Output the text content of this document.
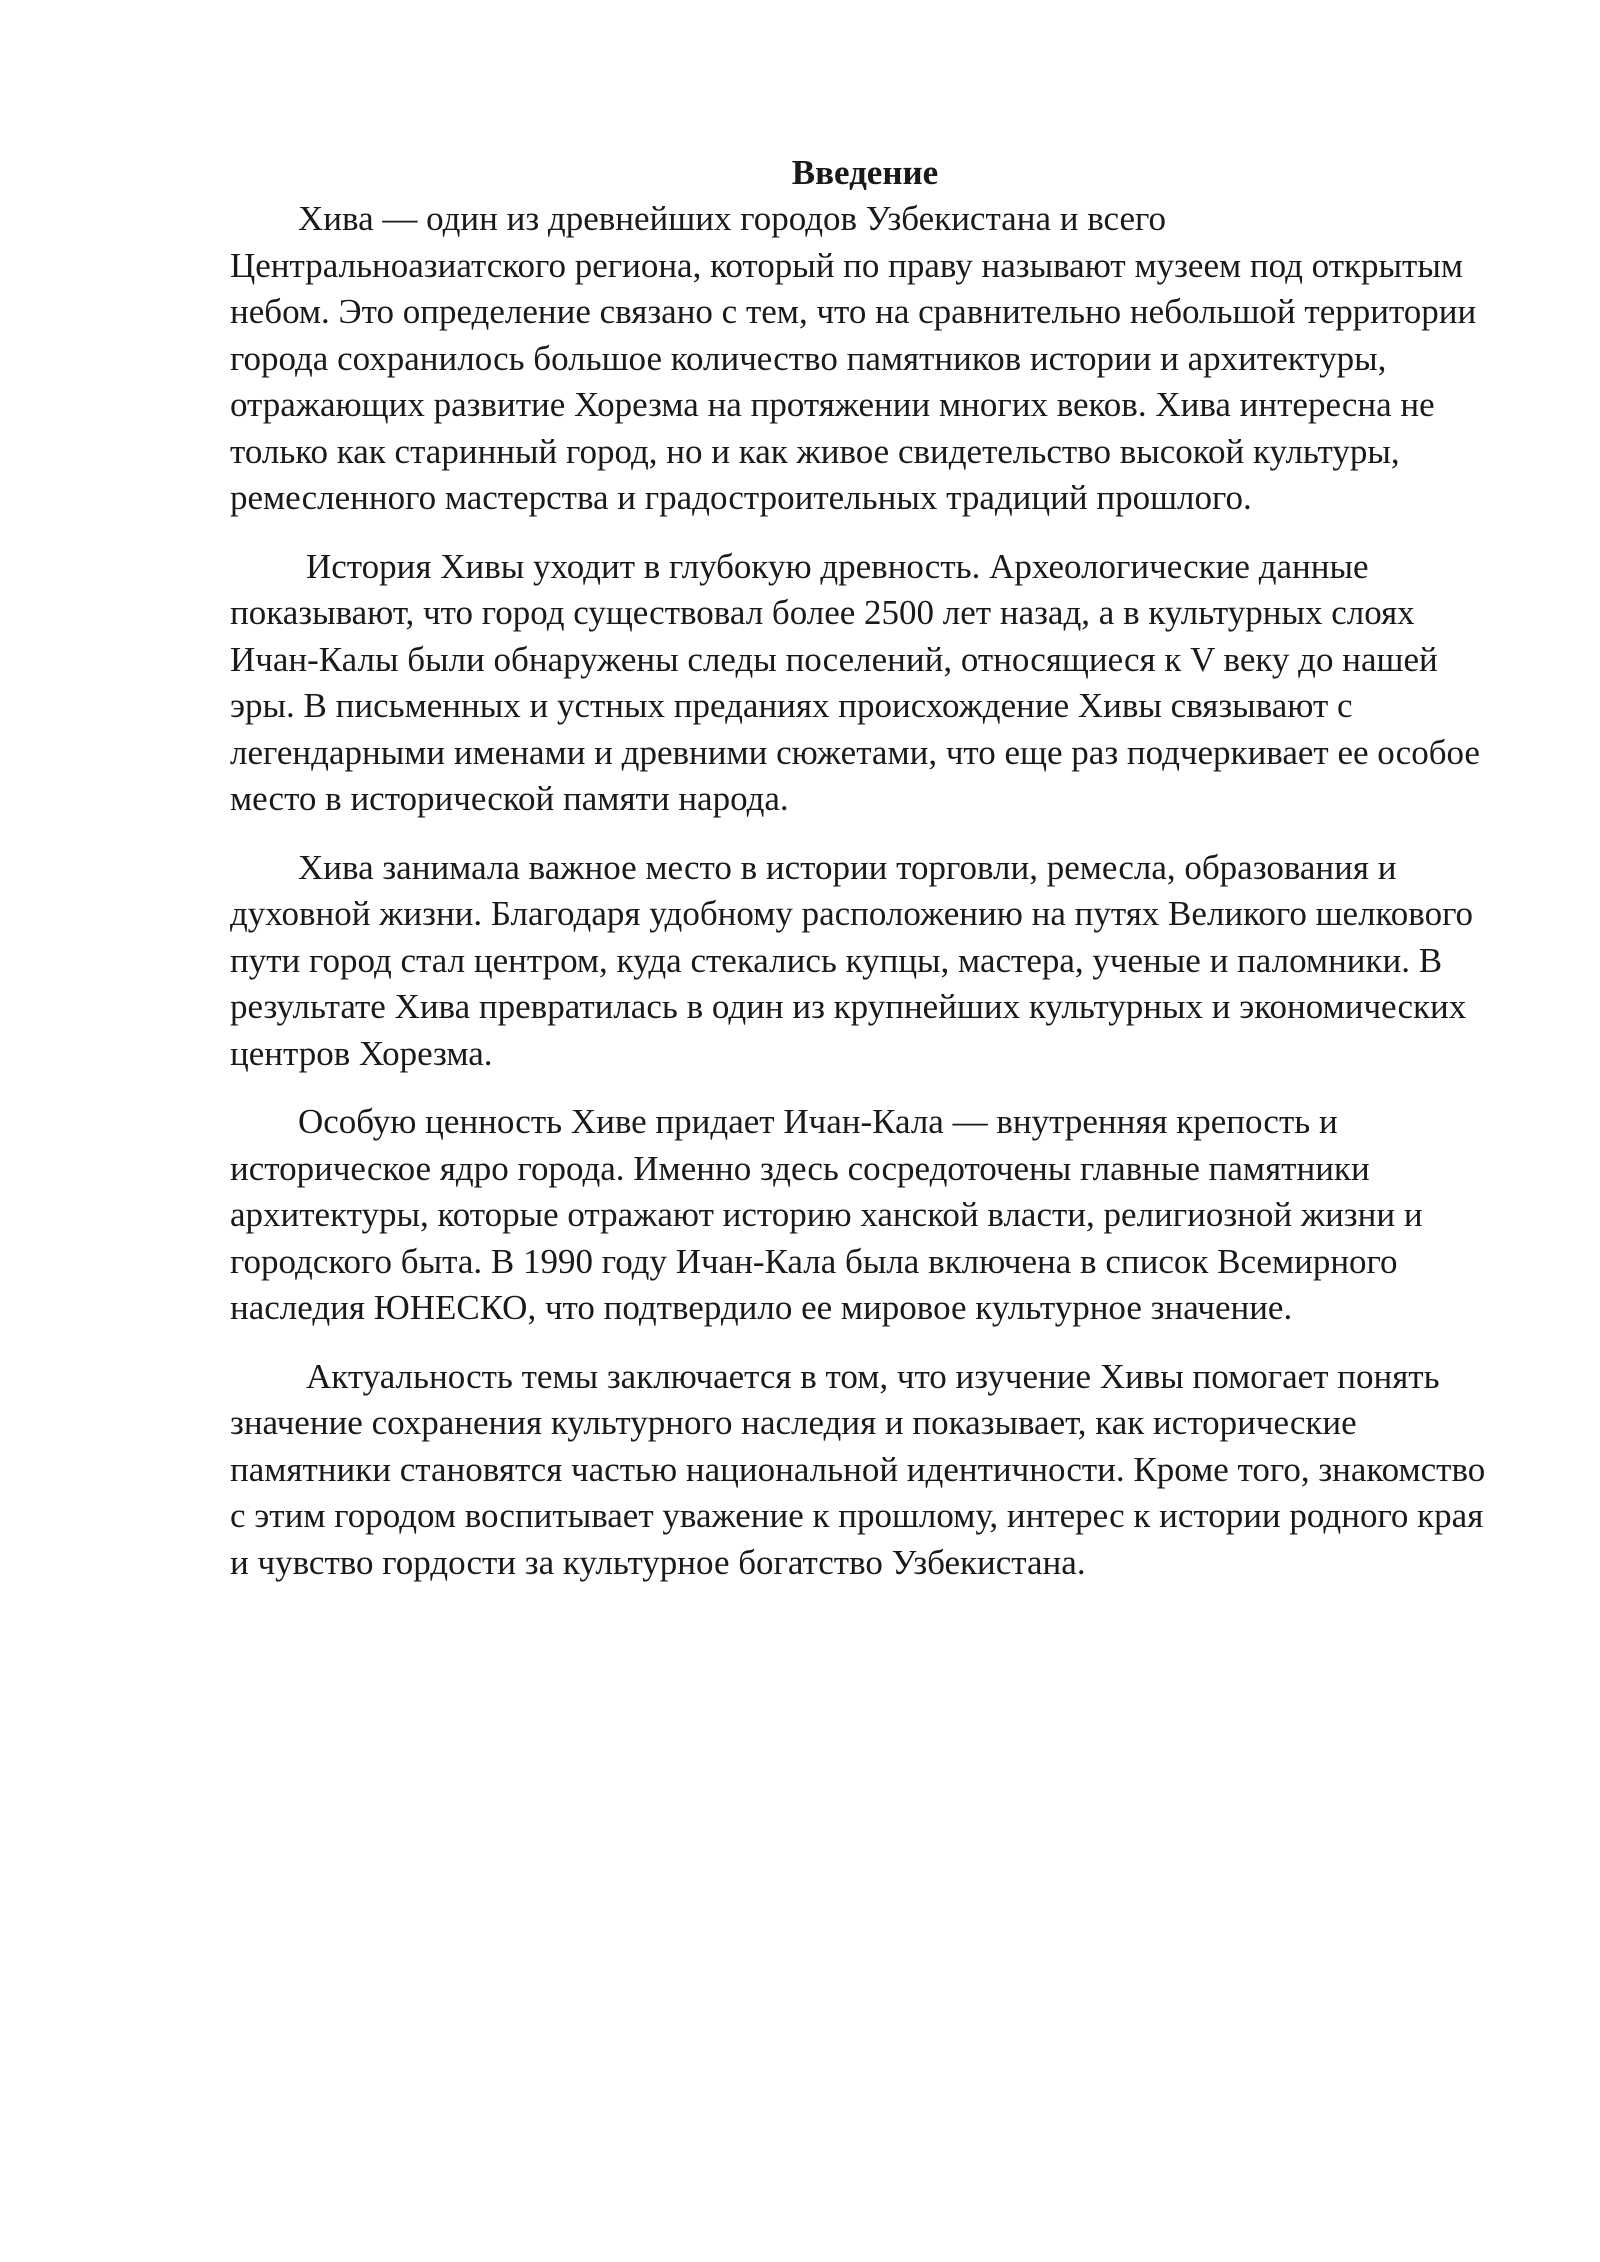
Введение

Хива — один из древнейших городов Узбекистана и всего Центральноазиатского региона, который по праву называют музеем под открытым небом. Это определение связано с тем, что на сравнительно небольшой территории города сохранилось большое количество памятников истории и архитектуры, отражающих развитие Хорезма на протяжении многих веков. Хива интересна не только как старинный город, но и как живое свидетельство высокой культуры, ремесленного мастерства и градостроительных традиций прошлого.

История Хивы уходит в глубокую древность. Археологические данные показывают, что город существовал более 2500 лет назад, а в культурных слоях Ичан-Калы были обнаружены следы поселений, относящиеся к V веку до нашей эры. В письменных и устных преданиях происхождение Хивы связывают с легендарными именами и древними сюжетами, что еще раз подчеркивает ее особое место в исторической памяти народа.

Хива занимала важное место в истории торговли, ремесла, образования и духовной жизни. Благодаря удобному расположению на путях Великого шелкового пути город стал центром, куда стекались купцы, мастера, ученые и паломники. В результате Хива превратилась в один из крупнейших культурных и экономических центров Хорезма.

Особую ценность Хиве придает Ичан-Кала — внутренняя крепость и историческое ядро города. Именно здесь сосредоточены главные памятники архитектуры, которые отражают историю ханской власти, религиозной жизни и городского быта. В 1990 году Ичан-Кала была включена в список Всемирного наследия ЮНЕСКО, что подтвердило ее мировое культурное значение.

Актуальность темы заключается в том, что изучение Хивы помогает понять значение сохранения культурного наследия и показывает, как исторические памятники становятся частью национальной идентичности. Кроме того, знакомство с этим городом воспитывает уважение к прошлому, интерес к истории родного края и чувство гордости за культурное богатство Узбекистана.
